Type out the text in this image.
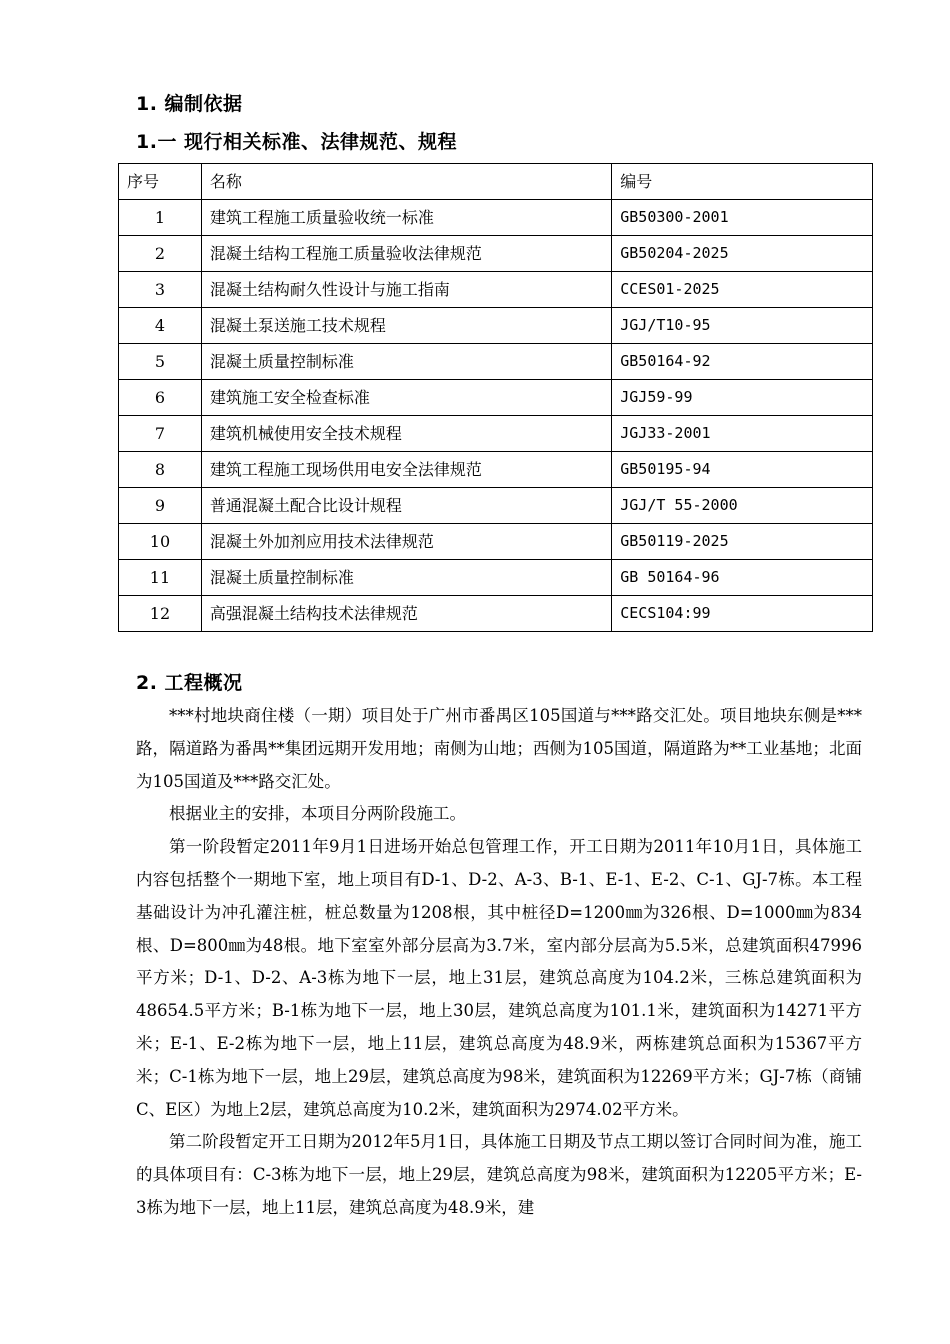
1. 编制依据
1.一 现行相关标准、法律规范、规程
序号	名称	编号
1	建筑工程施工质量验收统一标准	GB50300-2001
2	混凝土结构工程施工质量验收法律规范	GB50204-2025
3	混凝土结构耐久性设计与施工指南	CCES01-2025
4	混凝土泵送施工技术规程	JGJ/T10-95
5	混凝土质量控制标准	GB50164-92
6	建筑施工安全检查标准	JGJ59-99
7	建筑机械使用安全技术规程	JGJ33-2001
8	建筑工程施工现场供用电安全法律规范	GB50195-94
9	普通混凝土配合比设计规程	JGJ/T 55-2000
10	混凝土外加剂应用技术法律规范	GB50119-2025
11	混凝土质量控制标准	GB 50164-96
12	高强混凝土结构技术法律规范	CECS104:99
2. 工程概况

***村地块商住楼（一期）项目处于广州市番禺区105国道与***路交汇处。项目地块东侧是***路，隔道路为番禺**集团远期开发用地；南侧为山地；西侧为105国道，隔道路为**工业基地；北面为105国道及***路交汇处。

根据业主的安排，本项目分两阶段施工。

第一阶段暂定2011年9月1日进场开始总包管理工作，开工日期为2011年10月1日，具体施工内容包括整个一期地下室，地上项目有D-1、D-2、A-3、B-1、E-1、E-2、C-1、GJ-7栋。本工程基础设计为冲孔灌注桩，桩总数量为1208根，其中桩径D=1200㎜为326根、D=1000㎜为834根、D=800㎜为48根。地下室室外部分层高为3.7米，室内部分层高为5.5米，总建筑面积47996平方米；D-1、D-2、A-3栋为地下一层，地上31层，建筑总高度为104.2米，三栋总建筑面积为48654.5平方米；B-1栋为地下一层，地上30层，建筑总高度为101.1米，建筑面积为14271平方米；E-1、E-2栋为地下一层，地上11层，建筑总高度为48.9米，两栋建筑总面积为15367平方米；C-1栋为地下一层，地上29层，建筑总高度为98米，建筑面积为12269平方米；GJ-7栋（商铺C、E区）为地上2层，建筑总高度为10.2米，建筑面积为2974.02平方米。

第二阶段暂定开工日期为2012年5月1日，具体施工日期及节点工期以签订合同时间为准，施工的具体项目有：C-3栋为地下一层，地上29层，建筑总高度为98米，建筑面积为12205平方米；E-3栋为地下一层，地上11层，建筑总高度为48.9米，建
